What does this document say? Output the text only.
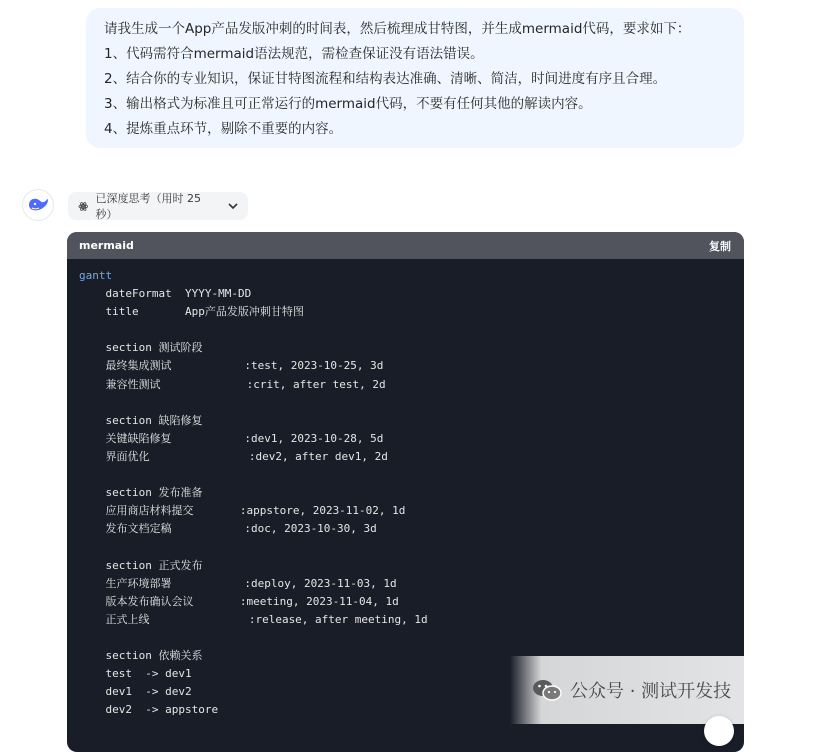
请我生成一个App产品发版冲刺的时间表，然后梳理成甘特图，并生成mermaid代码，要求如下：
1、代码需符合mermaid语法规范，需检查保证没有语法错误。
2、结合你的专业知识，保证甘特图流程和结构表达准确、清晰、简洁，时间进度有序且合理。
3、输出格式为标准且可正常运行的mermaid代码，不要有任何其他的解读内容。
4、提炼重点环节，剔除不重要的内容。
已深度思考（用时 25 秒）
mermaid	复制
gantt
dateFormat  YYYY-MM-DD
title       App产品发版冲刺甘特图

section 测试阶段
最终集成测试           :test, 2023-10-25, 3d
兼容性测试             :crit, after test, 2d

section 缺陷修复
关键缺陷修复           :dev1, 2023-10-28, 5d
界面优化               :dev2, after dev1, 2d

section 发布准备
应用商店材料提交       :appstore, 2023-11-02, 1d
发布文档定稿           :doc, 2023-10-30, 3d

section 正式发布
生产环境部署           :deploy, 2023-11-03, 1d
版本发布确认会议       :meeting, 2023-11-04, 1d
正式上线               :release, after meeting, 1d

section 依赖关系
test  -> dev1
dev1  -> dev2
dev2  -> appstore
公众号 · 测试开发技
